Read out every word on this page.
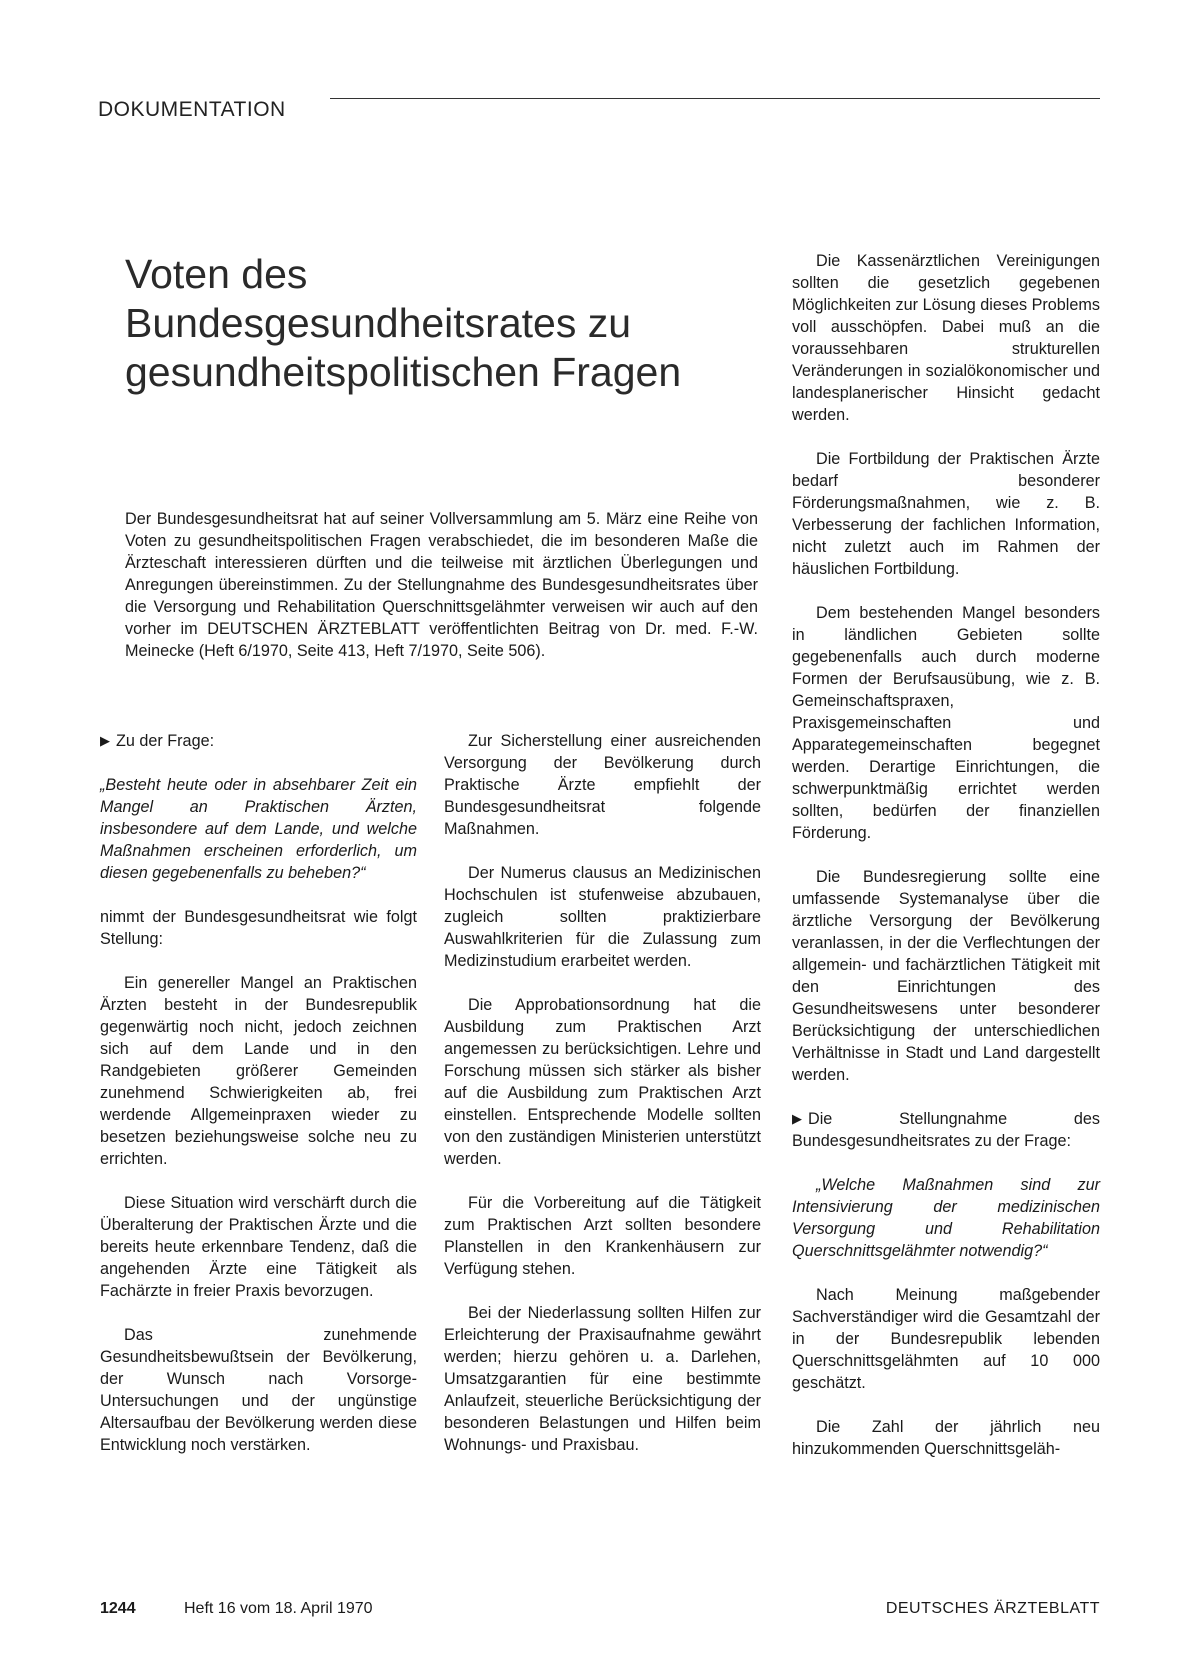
DOKUMENTATION
Voten des
Bundesgesundheitsrates zu
gesundheitspolitischen Fragen
Der Bundesgesundheitsrat hat auf seiner Vollversammlung am 5. März eine Reihe von Voten zu gesundheitspolitischen Fragen verabschiedet, die im besonderen Maße die Ärzteschaft interessieren dürften und die teilweise mit ärztlichen Überlegungen und Anregungen übereinstimmen. Zu der Stellungnahme des Bundesgesundheitsrates über die Versorgung und Rehabilitation Querschnittsgelähmter verweisen wir auch auf den vorher im DEUTSCHEN ÄRZTEBLATT veröffentlichten Beitrag von Dr. med. F.-W. Meinecke (Heft 6/1970, Seite 413, Heft 7/1970, Seite 506).

▶ Zu der Frage:

„Besteht heute oder in absehbarer Zeit ein Mangel an Praktischen Ärzten, insbesondere auf dem Lande, und welche Maßnahmen erscheinen erforderlich, um diesen gegebenenfalls zu beheben?“

nimmt der Bundesgesundheitsrat wie folgt Stellung:

Ein genereller Mangel an Praktischen Ärzten besteht in der Bundesrepublik gegenwärtig noch nicht, jedoch zeichnen sich auf dem Lande und in den Randgebieten größerer Gemeinden zunehmend Schwierigkeiten ab, frei werdende Allgemeinpraxen wieder zu besetzen beziehungsweise solche neu zu errichten.

Diese Situation wird verschärft durch die Überalterung der Praktischen Ärzte und die bereits heute erkennbare Tendenz, daß die angehenden Ärzte eine Tätigkeit als Fachärzte in freier Praxis bevorzugen.

Das zunehmende Gesundheitsbewußtsein der Bevölkerung, der Wunsch nach Vorsorge-Untersuchungen und der ungünstige Altersaufbau der Bevölkerung werden diese Entwicklung noch verstärken.

Zur Sicherstellung einer ausreichenden Versorgung der Bevölkerung durch Praktische Ärzte empfiehlt der Bundesgesundheitsrat folgende Maßnahmen.

Der Numerus clausus an Medizinischen Hochschulen ist stufenweise abzubauen, zugleich sollten praktizierbare Auswahlkriterien für die Zulassung zum Medizinstudium erarbeitet werden.

Die Approbationsordnung hat die Ausbildung zum Praktischen Arzt angemessen zu berücksichtigen. Lehre und Forschung müssen sich stärker als bisher auf die Ausbildung zum Praktischen Arzt einstellen. Entsprechende Modelle sollten von den zuständigen Ministerien unterstützt werden.

Für die Vorbereitung auf die Tätigkeit zum Praktischen Arzt sollten besondere Planstellen in den Krankenhäusern zur Verfügung stehen.

Bei der Niederlassung sollten Hilfen zur Erleichterung der Praxisaufnahme gewährt werden; hierzu gehören u. a. Darlehen, Umsatzgarantien für eine bestimmte Anlaufzeit, steuerliche Berücksichtigung der besonderen Belastungen und Hilfen beim Wohnungs- und Praxisbau.

Die Kassenärztlichen Vereinigungen sollten die gesetzlich gegebenen Möglichkeiten zur Lösung dieses Problems voll ausschöpfen. Dabei muß an die voraussehbaren strukturellen Veränderungen in sozialökonomischer und landesplanerischer Hinsicht gedacht werden.

Die Fortbildung der Praktischen Ärzte bedarf besonderer Förderungsmaßnahmen, wie z. B. Verbesserung der fachlichen Information, nicht zuletzt auch im Rahmen der häuslichen Fortbildung.

Dem bestehenden Mangel besonders in ländlichen Gebieten sollte gegebenenfalls auch durch moderne Formen der Berufsausübung, wie z. B. Gemeinschaftspraxen, Praxisgemeinschaften und Apparategemeinschaften begegnet werden. Derartige Einrichtungen, die schwerpunktmäßig errichtet werden sollten, bedürfen der finanziellen Förderung.

Die Bundesregierung sollte eine umfassende Systemanalyse über die ärztliche Versorgung der Bevölkerung veranlassen, in der die Verflechtungen der allgemein- und fachärztlichen Tätigkeit mit den Einrichtungen des Gesundheitswesens unter besonderer Berücksichtigung der unterschiedlichen Verhältnisse in Stadt und Land dargestellt werden.

▶ Die Stellungnahme des Bundesgesundheitsrates zu der Frage:

„Welche Maßnahmen sind zur Intensivierung der medizinischen Versorgung und Rehabilitation Querschnittsgelähmter notwendig?“

Nach Meinung maßgebender Sachverständiger wird die Gesamtzahl der in der Bundesrepublik lebenden Querschnittsgelähmten auf 10 000 geschätzt.

Die Zahl der jährlich neu hinzukommenden Querschnittsgeläh-

1244	Heft 16 vom 18. April 1970	DEUTSCHES ÄRZTEBLATT
